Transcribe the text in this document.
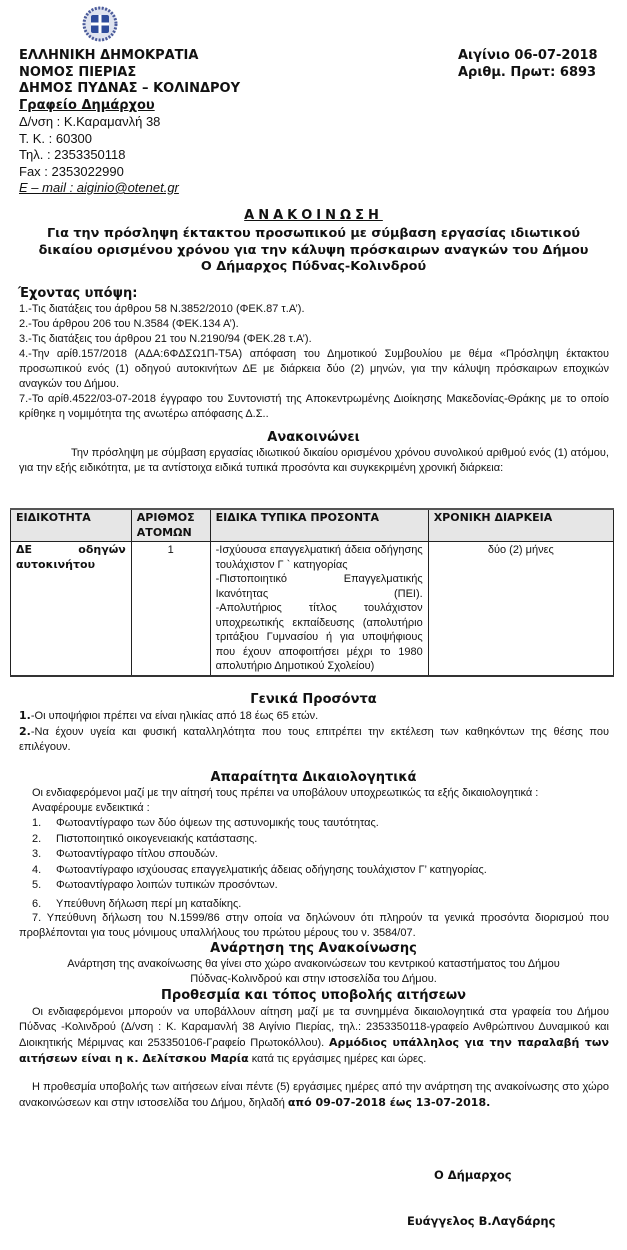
ΕΛΛΗΝΙΚΗ ΔΗΜΟΚΡΑΤΙΑ
ΝΟΜΟΣ ΠΙΕΡΙΑΣ
ΔΗΜΟΣ ΠΥΔΝΑΣ – ΚΟΛΙΝΔΡΟΥ
Γραφείο Δημάρχου
Δ/νση : Κ.Καραμανλή 38
Τ. Κ. : 60300
Τηλ. : 2353350118
Fax : 2353022990
E – mail : aiginio@otenet.gr
Αιγίνιο 06-07-2018
Αριθμ. Πρωτ: 6893
ΑΝΑΚΟΙΝΩΣΗ
Για την πρόσληψη έκτακτου προσωπικού με σύμβαση εργασίας ιδιωτικού
δικαίου ορισμένου χρόνου για την κάλυψη πρόσκαιρων αναγκών του Δήμου
Ο Δήμαρχος Πύδνας-Κολινδρού
Έχοντας υπόψη:

1.-Τις διατάξεις του άρθρου 58 Ν.3852/2010 (ΦΕΚ.87 τ.Α’).

2.-Του άρθρου 206 του Ν.3584 (ΦΕΚ.134 Α’).

3.-Τις διατάξεις του άρθρου 21 του Ν.2190/94 (ΦΕΚ.28 τ.Α’).

4.-Την αρίθ.157/2018 (ΑΔΑ:6ΦΔΣΩ1Π-Τ5Α) απόφαση του Δημοτικού Συμβουλίου με θέμα «Πρόσληψη έκτακτου προσωπικού ενός (1) οδηγού αυτοκινήτων ΔΕ με διάρκεια δύο (2) μηνών, για την κάλυψη πρόσκαιρων εποχικών αναγκών του Δήμου.

7.-Το αρίθ.4522/03-07-2018 έγγραφο του Συντονιστή της Αποκεντρωμένης Διοίκησης Μακεδονίας-Θράκης με το οποίο κρίθηκε η νομιμότητα της ανωτέρω απόφασης Δ.Σ..

Ανακοινώνει
Την πρόσληψη με σύμβαση εργασίας ιδιωτικού δικαίου ορισμένου χρόνου συνολικού αριθμού ενός (1) ατόμου, για την εξής ειδικότητα, με τα αντίστοιχα ειδικά τυπικά προσόντα και συγκεκριμένη χρονική διάρκεια:
ΕΙΔΙΚΟΤΗΤΑ	ΑΡΙΘΜΟΣ ΑΤΟΜΩΝ	ΕΙΔΙΚΑ ΤΥΠΙΚΑ ΠΡΟΣΟΝΤΑ	ΧΡΟΝΙΚΗ ΔΙΑΡΚΕΙΑ
ΔΕ οδηγών αυτοκινήτου	1	-Ισχύουσα επαγγελματική άδεια οδήγησης τουλάχιστον Γ ` κατηγορίας
-Πιστοποιητικό Επαγγελματικής Ικανότητας (ΠΕΙ).
-Απολυτήριος τίτλος τουλάχιστον υποχρεωτικής εκπαίδευσης (απολυτήριο τριτάξιου Γυμνασίου ή για υποψήφιους που έχουν αποφοιτήσει μέχρι το 1980 απολυτήριο Δημοτικού Σχολείου)	δύο (2) μήνες
Γενικά Προσόντα

1.-Οι υποψήφιοι πρέπει να είναι ηλικίας από 18 έως 65 ετών.

2.-Να έχουν υγεία και φυσική καταλληλότητα που τους επιτρέπει την εκτέλεση των καθηκόντων της θέσης που επιλέγουν.

Απαραίτητα Δικαιολογητικά

Οι ενδιαφερόμενοι μαζί με την αίτησή τους πρέπει να υποβάλουν υποχρεωτικώς τα εξής δικαιολογητικά :

Αναφέρουμε ενδεικτικά :

1.	Φωτοαντίγραφο των δύο όψεων της αστυνομικής τους ταυτότητας.
2.	Πιστοποιητικό οικογενειακής κατάστασης.
3.	Φωτοαντίγραφο τίτλου σπουδών.
4.	Φωτοαντίγραφο ισχύουσας επαγγελματικής άδειας οδήγησης τουλάχιστον Γ’ κατηγορίας.
5.	Φωτοαντίγραφο λοιπών τυπικών προσόντων.
6.	Υπεύθυνη δήλωση περί μη καταδίκης.
7. Υπεύθυνη δήλωση του Ν.1599/86 στην οποία να δηλώνουν ότι πληρούν τα γενικά προσόντα διορισμού που προβλέπονται για τους μόνιμους υπαλλήλους του πρώτου μέρους του ν. 3584/07.
Ανάρτηση της Ανακοίνωσης

Ανάρτηση της ανακοίνωσης θα γίνει στο χώρο ανακοινώσεων του κεντρικού καταστήματος του Δήμου

Πύδνας-Κολινδρού και στην ιστοσελίδα του Δήμου.

Προθεσμία και τόπος υποβολής αιτήσεων
Οι ενδιαφερόμενοι μπορούν να υποβάλλουν αίτηση μαζί με τα συνημμένα δικαιολογητικά στα γραφεία του Δήμου Πύδνας -Κολινδρού (Δ/νση : Κ. Καραμανλή 38 Αιγίνιο Πιερίας, τηλ.: 2353350118-γραφείο Ανθρώπινου Δυναμικού και Διοικητικής Μέριμνας και 253350106-Γραφείο Πρωτοκόλλου). Αρμόδιος υπάλληλος για την παραλαβή των αιτήσεων είναι η κ. Δελίτσκου Μαρία κατά τις εργάσιμες ημέρες και ώρες.
Η προθεσμία υποβολής των αιτήσεων είναι πέντε (5) εργάσιμες ημέρες από την ανάρτηση της ανακοίνωσης στο χώρο ανακοινώσεων και στην ιστοσελίδα του Δήμου, δηλαδή από 09-07-2018 έως 13-07-2018.
Ο Δήμαρχος
Ευάγγελος Β.Λαγδάρης
